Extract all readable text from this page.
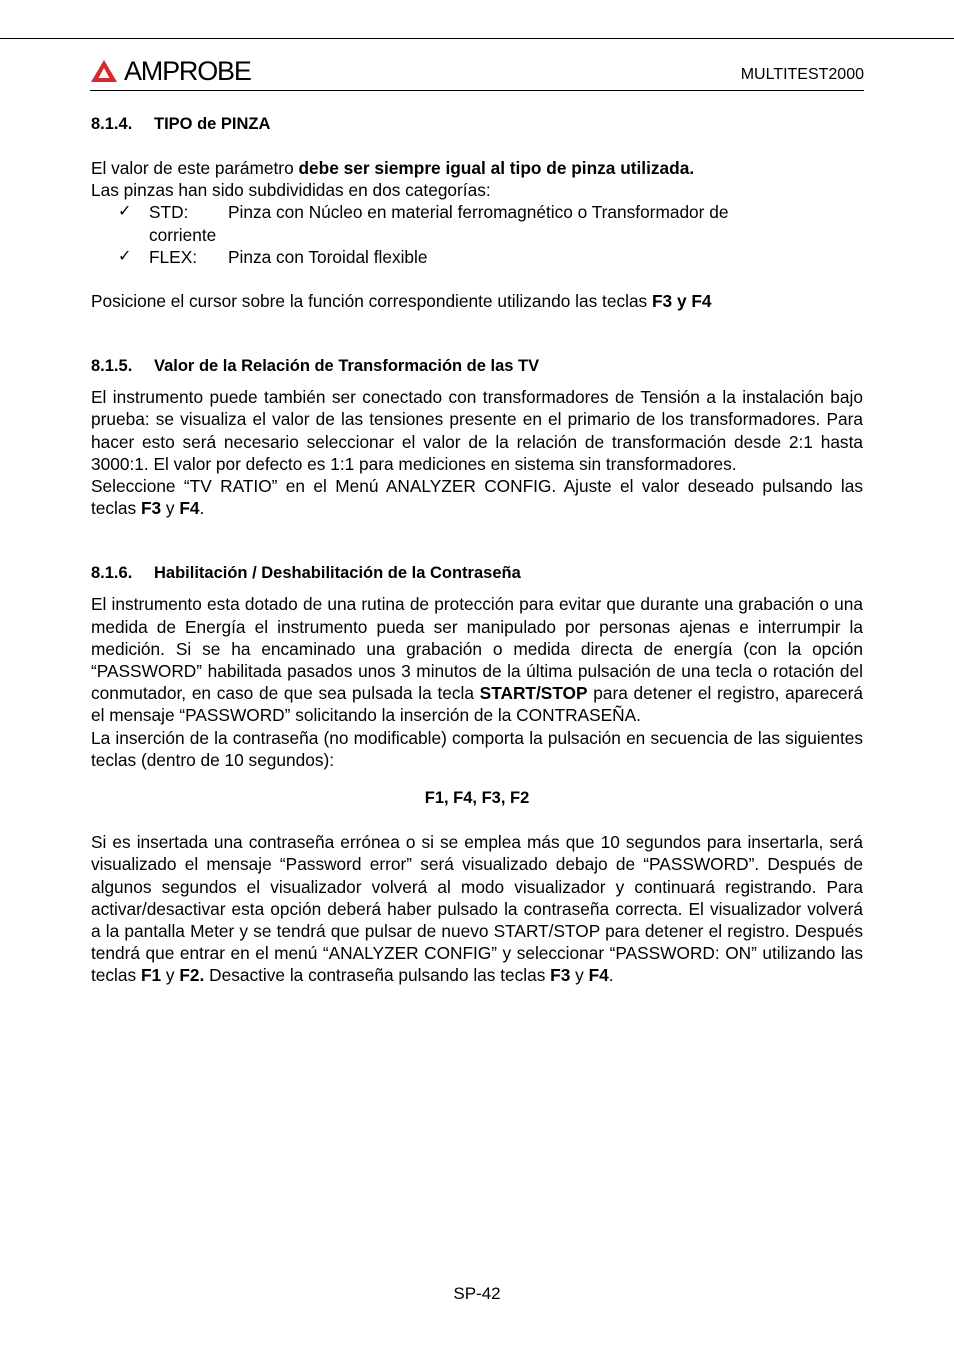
AMPROBE	MULTITEST2000
8.1.4. TIPO de PINZA

El valor de este parámetro debe ser siempre igual al tipo de pinza utilizada.

Las pinzas han sido subdivididas en dos categorías:

✓ STD:	Pinza con Núcleo en material ferromagnético o Transformador de
corriente
✓ FLEX:	Pinza con Toroidal flexible

Posicione el cursor sobre la función correspondiente utilizando las teclas F3 y F4

8.1.5. Valor de la Relación de Transformación de las TV

El instrumento puede también ser conectado con transformadores de Tensión a la instalación bajo prueba: se visualiza el valor de las tensiones presente en el primario de los transformadores. Para hacer esto será necesario seleccionar el valor de la relación de transformación desde 2:1 hasta 3000:1. El valor por defecto es 1:1 para mediciones en sistema sin transformadores.

Seleccione “TV RATIO” en el Menú ANALYZER CONFIG. Ajuste el valor deseado pulsando las teclas F3 y F4.

8.1.6. Habilitación / Deshabilitación de la Contraseña

El instrumento esta dotado de una rutina de protección para evitar que durante una grabación o una medida de Energía el instrumento pueda ser manipulado por personas ajenas e interrumpir la medición. Si se ha encaminado una grabación o medida directa de energía (con la opción “PASSWORD” habilitada pasados unos 3 minutos de la última pulsación de una tecla o rotación del conmutador, en caso de que sea pulsada la tecla START/STOP para detener el registro, aparecerá el mensaje “PASSWORD” solicitando la inserción de la CONTRASEÑA.

La inserción de la contraseña (no modificable) comporta la pulsación en secuencia de las siguientes teclas (dentro de 10 segundos):

F1, F4, F3, F2

Si es insertada una contraseña errónea o si se emplea más que 10 segundos para insertarla, será visualizado el mensaje “Password error” será visualizado debajo de “PASSWORD”. Después de algunos segundos el visualizador volverá al modo visualizador y continuará registrando. Para activar/desactivar esta opción deberá haber pulsado la contraseña correcta. El visualizador volverá a la pantalla Meter y se tendrá que pulsar de nuevo START/STOP para detener el registro. Después tendrá que entrar en el menú “ANALYZER CONFIG” y seleccionar “PASSWORD: ON” utilizando las teclas F1 y F2. Desactive la contraseña pulsando las teclas F3 y F4.

SP-42
